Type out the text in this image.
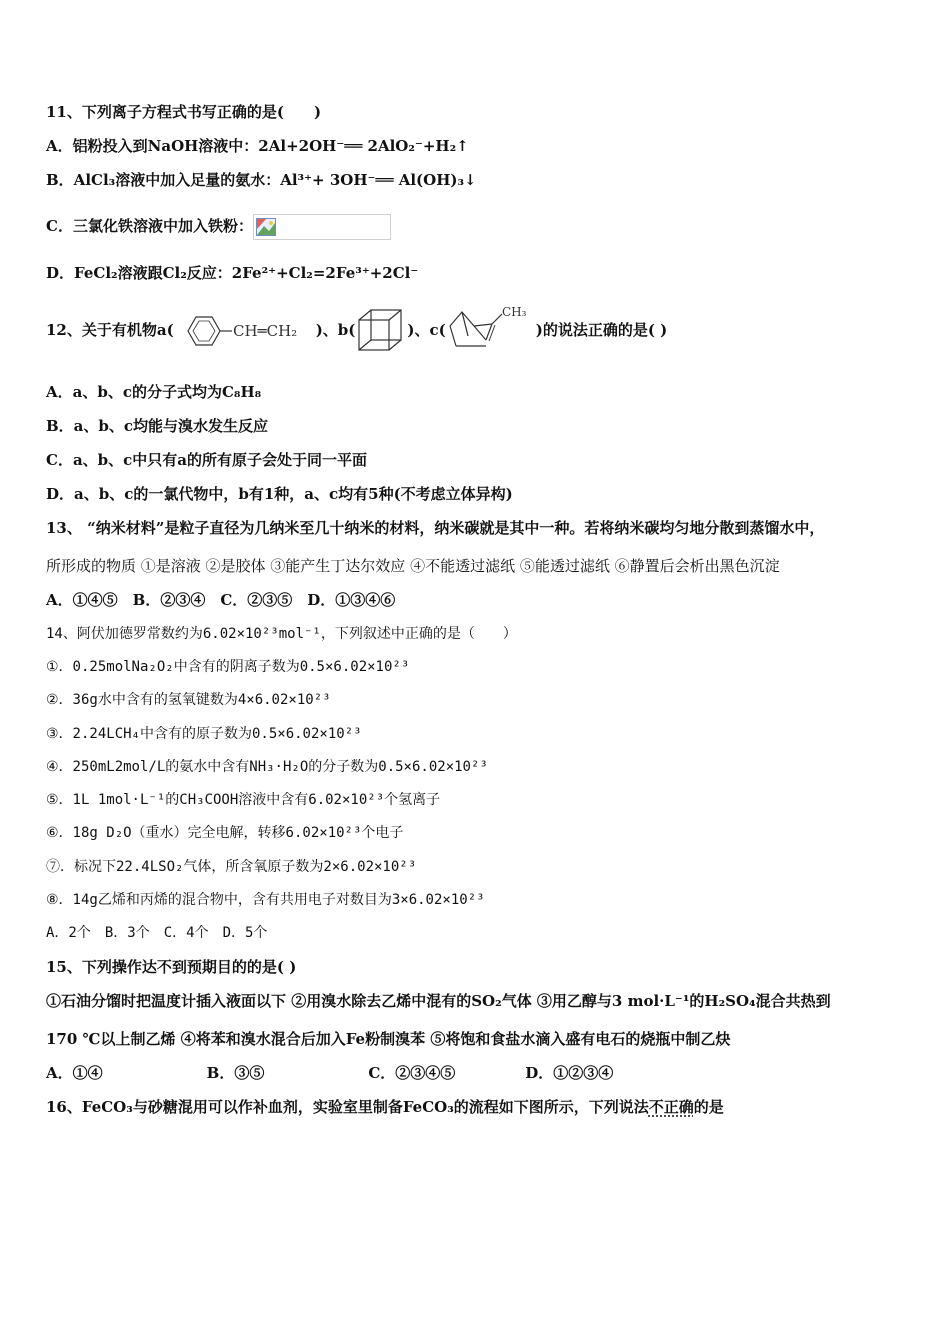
11、下列离子方程式书写正确的是(　　)
A．铝粉投入到NaOH溶液中：2Al+2OH⁻══ 2AlO₂⁻+H₂↑
B．AlCl₃溶液中加入足量的氨水：Al³⁺+ 3OH⁻══ Al(OH)₃↓
C．三氯化铁溶液中加入铁粉：
D．FeCl₂溶液跟Cl₂反应：2Fe²⁺+Cl₂=2Fe³⁺+2Cl⁻
12、关于有机物a(	CH═CH₂ )、b(	)、c(
CH₃
)的说法正确的是( )
A．a、b、c的分子式均为C₈H₈
B．a、b、c均能与溴水发生反应
C．a、b、c中只有a的所有原子会处于同一平面
D．a、b、c的一氯代物中，b有1种，a、c均有5种(不考虑立体异构)
13、 “纳米材料”是粒子直径为几纳米至几十纳米的材料，纳米碳就是其中一种。若将纳米碳均匀地分散到蒸馏水中，
所形成的物质 ①是溶液 ②是胶体 ③能产生丁达尔效应 ④不能透过滤纸 ⑤能透过滤纸 ⑥静置后会析出黑色沉淀
A．①④⑤　B．②③④　C．②③⑤　D．①③④⑥
14、阿伏加德罗常数约为6.02×10²³mol⁻¹，下列叙述中正确的是（　　）
①．0.25molNa₂O₂中含有的阴离子数为0.5×6.02×10²³
②．36g水中含有的氢氧键数为4×6.02×10²³
③．2.24LCH₄中含有的原子数为0.5×6.02×10²³
④．250mL2mol/L的氨水中含有NH₃·H₂O的分子数为0.5×6.02×10²³
⑤．1L 1mol·L⁻¹的CH₃COOH溶液中含有6.02×10²³个氢离子
⑥．18g D₂O（重水）完全电解，转移6.02×10²³个电子
⑦．标况下22.4LSO₂气体，所含氧原子数为2×6.02×10²³
⑧．14g乙烯和丙烯的混合物中，含有共用电子对数目为3×6.02×10²³
A．2个　B．3个　C．4个　D．5个
15、下列操作达不到预期目的的是( )
①石油分馏时把温度计插入液面以下 ②用溴水除去乙烯中混有的SO₂气体 ③用乙醇与3 mol·L⁻¹的H₂SO₄混合共热到
170 ℃以上制乙烯 ④将苯和溴水混合后加入Fe粉制溴苯 ⑤将饱和食盐水滴入盛有电石的烧瓶中制乙炔
A．①④	B．③⑤	C．②③④⑤	D．①②③④
16、FeCO₃与砂糖混用可以作补血剂，实验室里制备FeCO₃的流程如下图所示，下列说法不正确的是
